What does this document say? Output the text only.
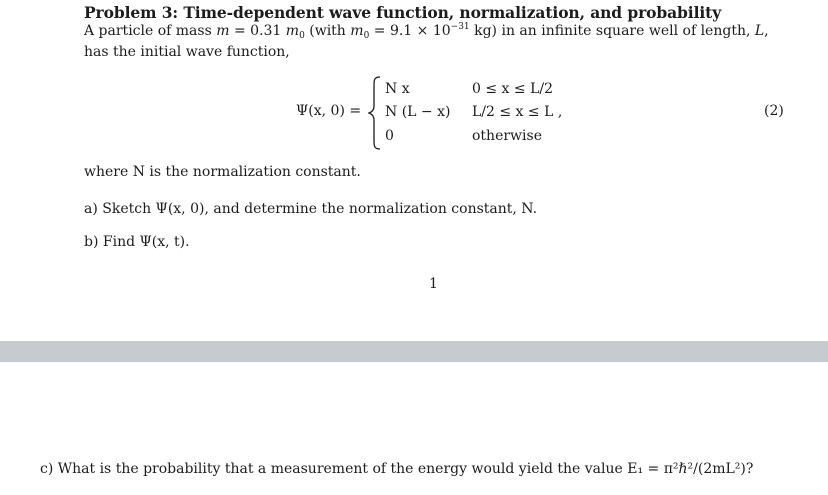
Problem 3: Time-dependent wave function, normalization, and probability
A particle of mass m = 0.31 $m_0$ (with $m_0 = 9.1 \times 10^{-31}$ kg) in an infinite square well of length, L,
has the initial wave function,
Ψ(x, 0) =
N x	0 ≤ x ≤ L/2
N (L − x) L/2 ≤ x ≤ L ,
0	otherwise
(2)
where N is the normalization constant.
a) Sketch Ψ(x, 0), and determine the normalization constant, N.
b) Find Ψ(x, t).
1
c) What is the probability that a measurement of the energy would yield the value E₁ = π²ℏ²/(2mL²)?
